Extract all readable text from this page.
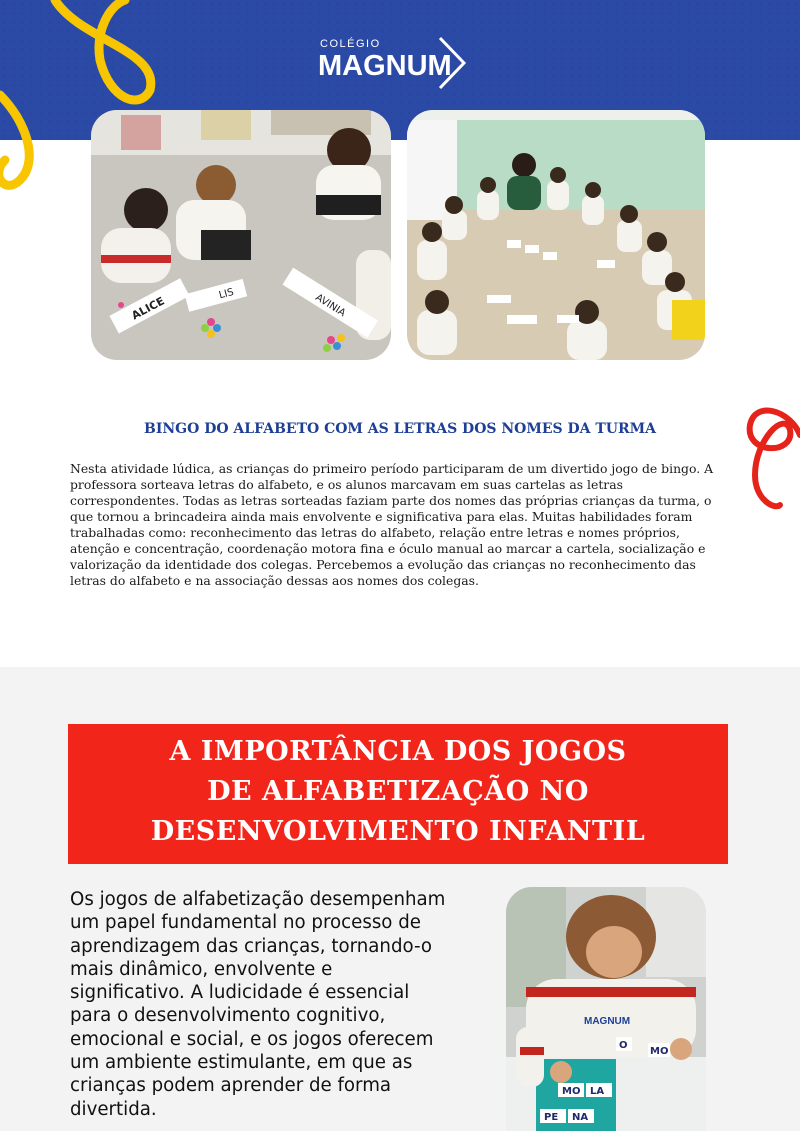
COLÉGIO
MAGNUM
ALICE
LIS	AVINIA
BINGO DO ALFABETO COM AS LETRAS DOS NOMES DA TURMA
Nesta atividade lúdica, as crianças do primeiro período participaram de um divertido jogo de bingo. A professora sorteava letras do alfabeto, e os alunos marcavam em suas cartelas as letras correspondentes. Todas as letras sorteadas faziam parte dos nomes das próprias crianças da turma, o que tornou a brincadeira ainda mais envolvente e significativa para elas. Muitas habilidades foram trabalhadas como: reconhecimento das letras do alfabeto, relação entre letras e nomes próprios, atenção e concentração, coordenação motora fina e óculo manual ao marcar a cartela, socialização e valorização da identidade dos colegas. Percebemos a evolução das crianças no reconhecimento das letras do alfabeto e na associação dessas aos nomes dos colegas.
A IMPORTÂNCIA DOS JOGOS
DE ALFABETIZAÇÃO NO
DESENVOLVIMENTO INFANTIL
Os jogos de alfabetização desempenham um papel fundamental no processo de aprendizagem das crianças, tornando-o mais dinâmico, envolvente e significativo. A ludicidade é essencial para o desenvolvimento cognitivo, emocional e social, e os jogos oferecem um ambiente estimulante, em que as crianças podem aprender de forma divertida.
MAGNUM
MO LA
PE NA
O
MO
